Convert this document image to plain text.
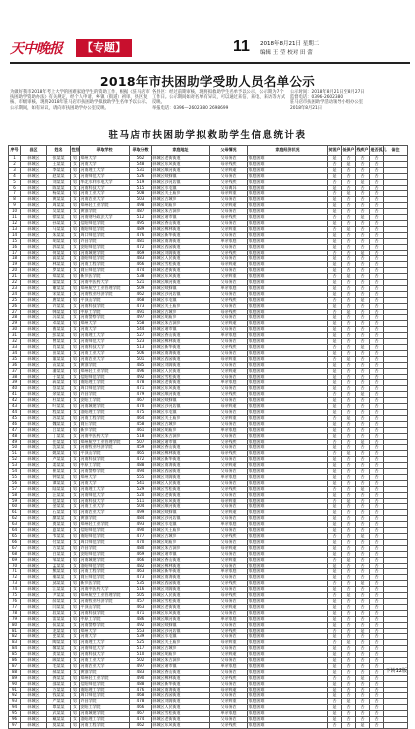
天中晚报	【专题】	11 2018年8月21日 星期二
编辑 王 莹 校对 田 蕾
2018年市扶困助学受助人员名单公示
为做好我市2018年考上大学的困难家庭学生的资助工作，根据《驻马店市扶困助学资助办法》有关规定，经个人申请、乡镇（街道）初审、县区复核、市级审核，现将2018年驻马店市扶困助学拟救助学生名单予以公示。公示期间，如有异议，请向市扶困助学办公室反映。
各县区：经过前期审核，现将拟救助学生名单予以公示，公示期为7个工作日。公示期间如对名单有异议，可以通过来信、来电、来访等方式反映。
举报电话：0396—2602380 2698699
公示时间：2018年8月21日至8月27日
监督电话：0396-2602380
驻马店市扶困助学活动领导小组办公室
2018年8月21日
驻马店市扶困助学拟救助学生信息统计表
序号	县区	姓名	性别	录取学校	录取分数	家庭地址	父母情况	家庭经济状况	贫困户	低保户	残疾户	是否孤儿	备注
1	驿城区	张某某	男	郑州大学	562	驿城区老街街道	父母务农	家庭困难	是	否	否	否	
2	驿城区	王某某	女	河南大学	548	驿城区东风街道	母亲残疾	家庭困难	否	是	否	否	
3	驿城区	李某某	男	河南理工大学	531	驿城区顺河街道	父亲病逝	家庭困难	是	否	否	否	
4	驿城区	赵某某	女	河南师范大学	526	驿城区蚁蜂镇	父母务农	家庭困难	是	否	否	否	
5	驿城区	刘某某	男	华北水利水电大学	519	驿城区沙河店镇	父亲残疾	家庭困难	否	否	是	否	
6	驿城区	陈某某	女	河南科技大学	515	驿城区水屯镇	父母离异	家庭困难	是	否	否	否	
7	驿城区	杨某某	男	河南工业大学	508	驿城区关王庙乡	母亲病重	家庭困难	否	是	否	否	
8	驿城区	黄某某	女	河南农业大学	503	驿城区古城乡	父母务农	家庭困难	是	否	否	否	
9	驿城区	周某某	男	郑州轻工业学院	498	驿城区胡庙乡	父亲病逝	家庭困难	是	否	否	否	
10	驿城区	吴某某	女	黄淮学院	487	驿城区朱古洞乡	父母务农	家庭困难	是	否	否	否	
11	驿城区	徐某某	男	河南财经政法大学	512	驿城区诸市镇	母亲残疾	家庭困难	否	否	是	否	
12	驿城区	孙某某	女	信阳师范学院	495	驿城区香山街道	父母务农	家庭困难	是	否	否	否	
13	驿城区	马某某	男	南阳师范学院	489	驿城区橡林街道	父亲病重	家庭困难	否	是	否	否	
14	驿城区	朱某某	女	周口师范学院	476	驿城区新华街道	父母务农	家庭困难	是	否	否	否	
15	驿城区	胡某某	男	许昌学院	481	驿城区南海街道	单亲家庭	家庭困难	是	否	否	否	
16	驿城区	郭某某	女	安阳师范学院	472	驿城区西园街道	父母务农	家庭困难	是	否	否	否	
17	驿城区	何某某	男	河南城建学院	469	驿城区刘阁街道	父亲残疾	家庭困难	否	否	是	否	
18	驿城区	高某某	女	洛阳师范学院	483	驿城区人民街道	父母务农	家庭困难	是	否	否	否	
19	驿城区	林某某	男	河南工程学院	466	驿城区雪松街道	母亲病逝	家庭困难	是	否	否	否	
20	驿城区	罗某某	女	商丘师范学院	474	驿城区老街街道	父母务农	家庭困难	是	否	否	否	
21	驿城区	郑某某	男	新乡医学院	538	驿城区东风街道	父亲病重	家庭困难	否	是	否	否	
22	驿城区	梁某某	女	河南中医药大学	521	驿城区顺河街道	父母务农	家庭困难	是	否	否	否	
23	驿城区	谢某某	男	郑州航空工业管理学院	509	驿城区蚁蜂镇	单亲家庭	家庭困难	是	否	否	否	
24	驿城区	宋某某	女	河南牧业经济学院	462	驿城区沙河店镇	父母务农	家庭困难	是	否	否	否	
25	驿城区	唐某某	男	平顶山学院	468	驿城区水屯镇	父亲残疾	家庭困难	否	否	是	否	
26	驿城区	许某某	女	河南科技学院	473	驿城区关王庙乡	父母务农	家庭困难	是	否	否	否	
27	驿城区	韩某某	男	中原工学院	491	驿城区古城乡	母亲残疾	家庭困难	否	是	否	否	
28	驿城区	冯某某	女	河南警察学院	497	驿城区胡庙乡	父母务农	家庭困难	是	否	否	否	
29	驿城区	邓某某	男	郑州大学	558	驿城区朱古洞乡	父亲病逝	家庭困难	是	否	否	否	
30	驿城区	曹某某	女	河南大学	544	驿城区诸市镇	父母务农	家庭困难	是	否	否	否	
31	驿城区	彭某某	男	河南理工大学	527	驿城区香山街道	单亲家庭	家庭困难	是	否	否	否	
32	驿城区	曾某某	女	河南师范大学	523	驿城区橡林街道	父母务农	家庭困难	是	否	否	否	
33	驿城区	肖某某	男	河南科技大学	513	驿城区新华街道	父亲残疾	家庭困难	否	否	是	否	
34	驿城区	田某某	女	河南工业大学	506	驿城区南海街道	父母务农	家庭困难	是	否	否	否	
35	驿城区	董某某	男	河南农业大学	501	驿城区西园街道	母亲病重	家庭困难	否	是	否	否	
36	驿城区	袁某某	女	黄淮学院	485	驿城区刘阁街道	父母务农	家庭困难	是	否	否	否	
37	驿城区	潘某某	男	郑州轻工业学院	496	驿城区人民街道	父亲病逝	家庭困难	是	否	否	否	
38	驿城区	于某某	女	信阳师范学院	492	驿城区雪松街道	父母务农	家庭困难	是	否	否	否	
39	驿城区	蒋某某	男	南阳理工学院	478	驿城区老街街道	单亲家庭	家庭困难	是	否	否	否	
40	驿城区	蔡某某	女	周口师范学院	471	驿城区东风街道	父母务农	家庭困难	是	否	否	否	
41	驿城区	余某某	男	许昌学院	479	驿城区顺河街道	父亲残疾	家庭困难	否	否	是	否	
42	驿城区	杜某某	女	安阳工学院	467	驿城区蚁蜂镇	父母务农	家庭困难	是	否	否	否	
43	驿城区	叶某某	男	河南城建学院	470	驿城区沙河店镇	母亲病逝	家庭困难	是	否	否	否	
44	驿城区	程某某	女	洛阳理工学院	475	驿城区水屯镇	父母务农	家庭困难	是	否	否	否	
45	驿城区	苏某某	男	河南工程学院	464	驿城区关王庙乡	父亲病重	家庭困难	否	是	否	否	
46	驿城区	魏某某	女	商丘学院	458	驿城区古城乡	父母务农	家庭困难	是	否	否	否	
47	驿城区	吕某某	男	新乡学院	461	驿城区胡庙乡	单亲家庭	家庭困难	是	否	否	否	
48	驿城区	丁某某	女	河南中医药大学	518	驿城区朱古洞乡	父母务农	家庭困难	是	否	否	否	
49	驿城区	任某某	男	郑州航空工业管理学院	507	驿城区诸市镇	父亲残疾	家庭困难	否	否	是	否	
50	驿城区	沈某某	女	河南牧业经济学院	459	驿城区香山街道	父母务农	家庭困难	是	否	否	否	
51	驿城区	姚某某	男	平顶山学院	465	驿城区橡林街道	母亲残疾	家庭困难	否	是	否	否	
52	驿城区	卢某某	女	河南科技学院	472	驿城区新华街道	父母务农	家庭困难	是	否	否	否	
53	驿城区	姜某某	男	中原工学院	488	驿城区南海街道	父亲病逝	家庭困难	是	否	否	否	
54	驿城区	崔某某	女	河南警察学院	494	驿城区西园街道	父母务农	家庭困难	是	否	否	否	
55	驿城区	钟某某	男	郑州大学	555	驿城区刘阁街道	单亲家庭	家庭困难	是	否	否	否	
56	驿城区	谭某某	女	河南大学	541	驿城区人民街道	父母务农	家庭困难	是	否	否	否	
57	驿城区	陆某某	男	河南理工大学	529	驿城区雪松街道	父亲残疾	家庭困难	否	否	是	否	
58	驿城区	汪某某	女	河南师范大学	520	驿城区老街街道	父母务农	家庭困难	是	否	否	否	
59	驿城区	范某某	男	河南科技大学	511	驿城区东风街道	母亲病重	家庭困难	否	是	否	否	
60	驿城区	金某某	女	河南工业大学	504	驿城区顺河街道	父母务农	家庭困难	是	否	否	否	
61	驿城区	石某某	男	河南农业大学	499	驿城区蚁蜂镇	父亲病逝	家庭困难	是	否	否	否	
62	驿城区	廖某某	女	黄淮学院	484	驿城区沙河店镇	父母务农	家庭困难	是	否	否	否	
63	驿城区	贾某某	男	郑州轻工业学院	493	驿城区水屯镇	单亲家庭	家庭困难	是	否	否	否	
64	驿城区	夏某某	女	信阳师范学院	490	驿城区关王庙乡	父母务农	家庭困难	是	否	否	否	
65	驿城区	韦某某	男	南阳师范学院	477	驿城区古城乡	父亲残疾	家庭困难	否	否	是	否	
66	驿城区	付某某	女	周口师范学院	470	驿城区胡庙乡	父母务农	家庭困难	是	否	否	否	
67	驿城区	方某某	男	许昌学院	480	驿城区朱古洞乡	母亲病逝	家庭困难	是	否	否	否	
68	驿城区	白某某	女	安阳师范学院	469	驿城区诸市镇	父母务农	家庭困难	是	否	否	否	
69	驿城区	邹某某	男	河南城建学院	466	驿城区香山街道	父亲病重	家庭困难	否	是	否	否	
70	驿城区	孟某某	女	洛阳师范学院	482	驿城区橡林街道	父母务农	家庭困难	是	否	否	否	
71	驿城区	熊某某	男	河南工程学院	463	驿城区新华街道	单亲家庭	家庭困难	是	否	否	否	
72	驿城区	秦某某	女	商丘师范学院	473	驿城区南海街道	父母务农	家庭困难	是	否	否	否	
73	驿城区	邱某某	男	新乡医学院	535	驿城区西园街道	父亲残疾	家庭困难	否	否	是	否	
74	驿城区	江某某	女	河南中医药大学	516	驿城区刘阁街道	父母务农	家庭困难	是	否	否	否	
75	驿城区	尹某某	男	郑州航空工业管理学院	505	驿城区人民街道	母亲残疾	家庭困难	否	是	否	否	
76	驿城区	薛某某	女	河南牧业经济学院	457	驿城区雪松街道	父母务农	家庭困难	是	否	否	否	
77	驿城区	闫某某	男	平顶山学院	463	驿城区老街街道	父亲病逝	家庭困难	是	否	否	否	
78	驿城区	段某某	女	河南科技学院	471	驿城区东风街道	父母务农	家庭困难	是	否	否	否	
79	驿城区	雷某某	男	中原工学院	486	驿城区顺河街道	单亲家庭	家庭困难	是	否	否	否	
80	驿城区	侯某某	女	河南警察学院	492	驿城区蚁蜂镇	父母务农	家庭困难	是	否	否	否	
81	驿城区	龙某某	男	郑州大学	553	驿城区沙河店镇	父亲残疾	家庭困难	否	否	是	否	
82	驿城区	史某某	女	河南大学	539	驿城区水屯镇	父母务农	家庭困难	是	否	否	否	
83	驿城区	陶某某	男	河南理工大学	525	驿城区关王庙乡	母亲病重	家庭困难	否	是	否	否	
84	驿城区	黎某某	女	河南师范大学	517	驿城区古城乡	父母务农	家庭困难	是	否	否	否	
85	驿城区	贺某某	男	河南科技大学	510	驿城区胡庙乡	父亲病逝	家庭困难	是	否	否	否	
86	驿城区	顾某某	女	河南工业大学	502	驿城区朱古洞乡	父母务农	家庭困难	是	否	否	否	
87	驿城区	毛某某	男	河南农业大学	497	驿城区诸市镇	单亲家庭	家庭困难	是	否	否	否	
88	驿城区	郝某某	女	黄淮学院	483	驿城区香山街道	父母务农	家庭困难	是	否	否	否	
89	驿城区	龚某某	男	郑州轻工业学院	490	驿城区橡林街道	父亲残疾	家庭困难	否	否	是	否	
90	驿城区	邵某某	女	信阳师范学院	488	驿城区新华街道	父母务农	家庭困难	是	否	否	否	
91	驿城区	万某某	男	南阳理工学院	476	驿城区南海街道	母亲病逝	家庭困难	是	否	否	否	
92	驿城区	钱某某	女	周口师范学院	468	驿城区西园街道	父母务农	家庭困难	是	否	否	否	
93	驿城区	严某某	男	许昌学院	478	驿城区刘阁街道	父亲病重	家庭困难	否	是	否	否	
94	驿城区	覃某某	女	安阳工学院	466	驿城区人民街道	父母务农	家庭困难	是	否	否	否	
95	驿城区	武某某	男	河南城建学院	467	驿城区雪松街道	单亲家庭	家庭困难	是	否	否	否	
96	驿城区	戴某某	女	洛阳理工学院	474	驿城区老街街道	父母务农	家庭困难	是	否	否	否	
97	驿城区	莫某某	男	河南工程学院	462	驿城区东风街道	父亲残疾	家庭困难	否	否	是	否	
下转12版
